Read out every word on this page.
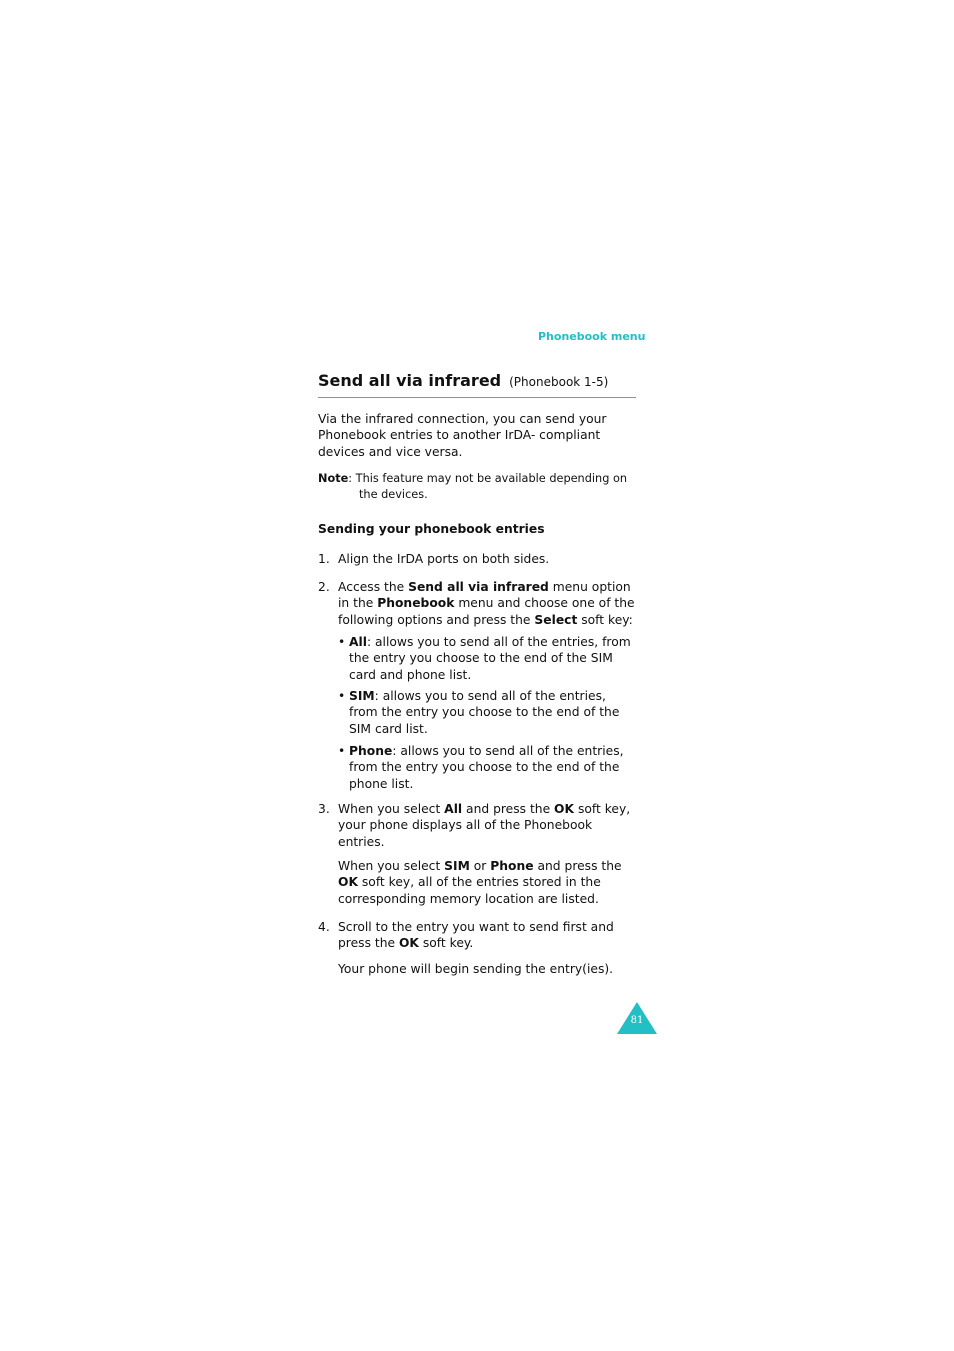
Phonebook menu
Send all via infrared (Phonebook 1-5)
Via the infrared connection, you can send your
Phonebook entries to another IrDA- compliant
devices and vice versa.
Note: This feature may not be available depending on
the devices.
Sending your phonebook entries
1. Align the IrDA ports on both sides.
2. Access the Send all via infrared menu option
in the Phonebook menu and choose one of the
following options and press the Select soft key:
• All: allows you to send all of the entries, from
the entry you choose to the end of the SIM
card and phone list.
• SIM: allows you to send all of the entries,
from the entry you choose to the end of the
SIM card list.
• Phone: allows you to send all of the entries,
from the entry you choose to the end of the
phone list.
3. When you select All and press the OK soft key,
your phone displays all of the Phonebook
entries.
When you select SIM or Phone and press the
OK soft key, all of the entries stored in the
corresponding memory location are listed.
4. Scroll to the entry you want to send first and
press the OK soft key.
Your phone will begin sending the entry(ies).
81
